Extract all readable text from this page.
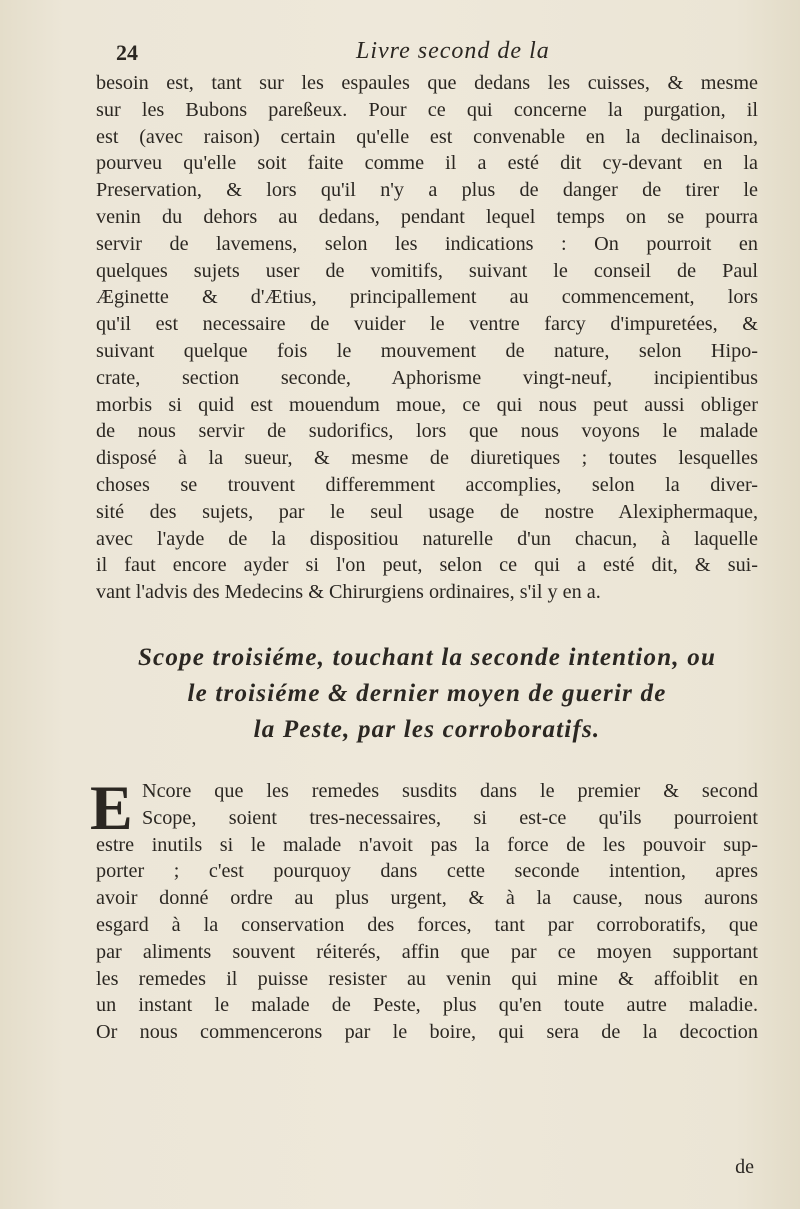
24	Livre second de la
besoin est, tant sur les espaules que dedans les cuisses, & mesme
sur les Bubons pareßeux. Pour ce qui concerne la purgation, il
est (avec raison) certain qu'elle est convenable en la declinaison,
pourveu qu'elle soit faite comme il a esté dit cy-devant en la
Preservation, & lors qu'il n'y a plus de danger de tirer le
venin du dehors au dedans, pendant lequel temps on se pourra
servir de lavemens, selon les indications : On pourroit en
quelques sujets user de vomitifs, suivant le conseil de Paul
Æginette & d'Ætius, principallement au commencement, lors
qu'il est necessaire de vuider le ventre farcy d'impuretées, &
suivant quelque fois le mouvement de nature, selon Hipo-
crate, section seconde, Aphorisme vingt-neuf, incipientibus
morbis si quid est mouendum moue, ce qui nous peut aussi obliger
de nous servir de sudorifics, lors que nous voyons le malade
disposé à la sueur, & mesme de diuretiques ; toutes lesquelles
choses se trouvent differemment accomplies, selon la diver-
sité des sujets, par le seul usage de nostre Alexiphermaque,
avec l'ayde de la dispositiou naturelle d'un chacun, à laquelle
il faut encore ayder si l'on peut, selon ce qui a esté dit, & sui-
vant l'advis des Medecins & Chirurgiens ordinaires, s'il y en a.
Scope troisiéme, touchant la seconde intention, ou
le troisiéme & dernier moyen de guerir de
la Peste, par les corroboratifs.
E Ncore que les remedes susdits dans le premier & second
Scope, soient tres-necessaires, si est-ce qu'ils pourroient
estre inutils si le malade n'avoit pas la force de les pouvoir sup-
porter ; c'est pourquoy dans cette seconde intention, apres
avoir donné ordre au plus urgent, & à la cause, nous aurons
esgard à la conservation des forces, tant par corroboratifs, que
par aliments souvent réiterés, affin que par ce moyen supportant
les remedes il puisse resister au venin qui mine & affoiblit en
un instant le malade de Peste, plus qu'en toute autre maladie.
Or nous commencerons par le boire, qui sera de la decoction
de
